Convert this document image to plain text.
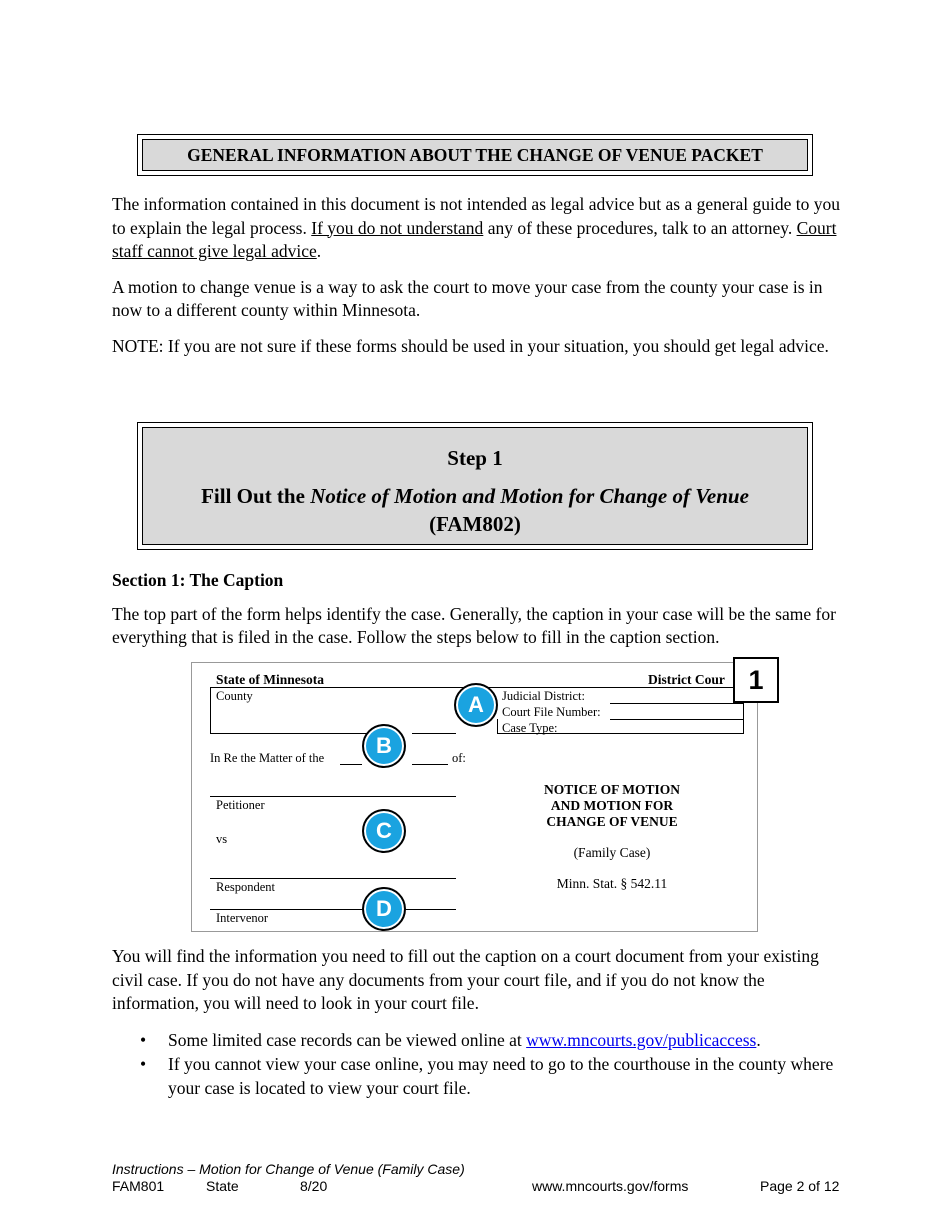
GENERAL INFORMATION ABOUT THE CHANGE OF VENUE PACKET

The information contained in this document is not intended as legal advice but as a general guide to you to explain the legal process. If you do not understand any of these procedures, talk to an attorney. Court staff cannot give legal advice.

A motion to change venue is a way to ask the court to move your case from the county your case is in now to a different county within Minnesota.

NOTE: If you are not sure if these forms should be used in your situation, you should get legal advice.

Step 1
Fill Out the Notice of Motion and Motion for Change of Venue
(FAM802)

Section 1: The Caption

The top part of the form helps identify the case. Generally, the caption in your case will be the same for everything that is filed in the case. Follow the steps below to fill in the caption section.

State of Minnesota	District Cour 1
County	Judicial District:
Court File Number:
Case Type:
A
In Re the Matter of the	of:
B
Petitioner
vs	C
Respondent
Intervenor	D
NOTICE OF MOTION
AND MOTION FOR
CHANGE OF VENUE
(Family Case)
Minn. Stat. § 542.11

You will find the information you need to fill out the caption on a court document from your existing civil case. If you do not have any documents from your court file, and if you do not know the information, you will need to look in your court file.

• Some limited case records can be viewed online at www.mncourts.gov/publicaccess.
• If you cannot view your case online, you may need to go to the courthouse in the county where your case is located to view your court file.
Instructions – Motion for Change of Venue (Family Case)
FAM801	State	8/20	www.mncourts.gov/forms	Page 2 of 12
